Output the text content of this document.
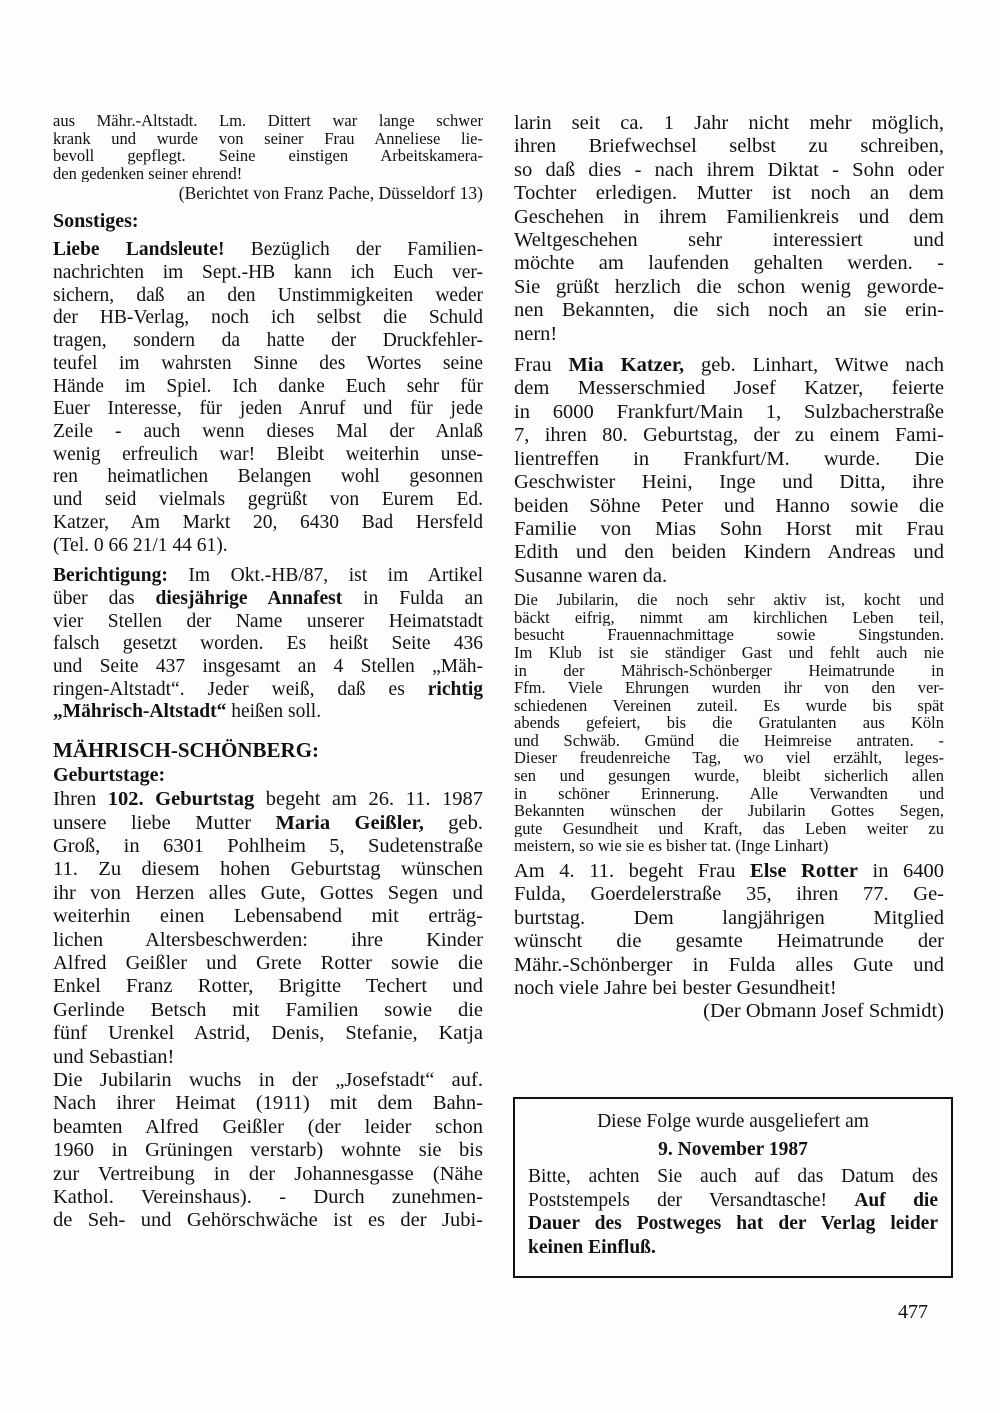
aus Mähr.-Altstadt. Lm. Dittert war lange schwer
krank und wurde von seiner Frau Anneliese lie-
bevoll gepflegt. Seine einstigen Arbeitskamera-
den gedenken seiner ehrend!
(Berichtet von Franz Pache, Düsseldorf 13)
Sonstiges:
Liebe Landsleute! Bezüglich der Familien-
nachrichten im Sept.-HB kann ich Euch ver-
sichern, daß an den Unstimmigkeiten weder
der HB-Verlag, noch ich selbst die Schuld
tragen, sondern da hatte der Druckfehler-
teufel im wahrsten Sinne des Wortes seine
Hände im Spiel. Ich danke Euch sehr für
Euer Interesse, für jeden Anruf und für jede
Zeile - auch wenn dieses Mal der Anlaß
wenig erfreulich war! Bleibt weiterhin unse-
ren heimatlichen Belangen wohl gesonnen
und seid vielmals gegrüßt von Eurem Ed.
Katzer, Am Markt 20, 6430 Bad Hersfeld
(Tel. 0 66 21/1 44 61).
Berichtigung: Im Okt.-HB/87, ist im Artikel
über das diesjährige Annafest in Fulda an
vier Stellen der Name unserer Heimatstadt
falsch gesetzt worden. Es heißt Seite 436
und Seite 437 insgesamt an 4 Stellen „Mäh-
ringen-Altstadt“. Jeder weiß, daß es richtig
„Mährisch-Altstadt“ heißen soll.
MÄHRISCH-SCHÖNBERG:
Geburtstage:
Ihren 102. Geburtstag begeht am 26. 11. 1987
unsere liebe Mutter Maria Geißler, geb.
Groß, in 6301 Pohlheim 5, Sudetenstraße
11. Zu diesem hohen Geburtstag wünschen
ihr von Herzen alles Gute, Gottes Segen und
weiterhin einen Lebensabend mit erträg-
lichen Altersbeschwerden: ihre Kinder
Alfred Geißler und Grete Rotter sowie die
Enkel Franz Rotter, Brigitte Techert und
Gerlinde Betsch mit Familien sowie die
fünf Urenkel Astrid, Denis, Stefanie, Katja
und Sebastian!
Die Jubilarin wuchs in der „Josefstadt“ auf.
Nach ihrer Heimat (1911) mit dem Bahn-
beamten Alfred Geißler (der leider schon
1960 in Grüningen verstarb) wohnte sie bis
zur Vertreibung in der Johannesgasse (Nähe
Kathol. Vereinshaus). - Durch zunehmen-
de Seh- und Gehörschwäche ist es der Jubi-
larin seit ca. 1 Jahr nicht mehr möglich,
ihren Briefwechsel selbst zu schreiben,
so daß dies - nach ihrem Diktat - Sohn oder
Tochter erledigen. Mutter ist noch an dem
Geschehen in ihrem Familienkreis und dem
Weltgeschehen sehr interessiert und
möchte am laufenden gehalten werden. -
Sie grüßt herzlich die schon wenig geworde-
nen Bekannten, die sich noch an sie erin-
nern!
Frau Mia Katzer, geb. Linhart, Witwe nach
dem Messerschmied Josef Katzer, feierte
in 6000 Frankfurt/Main 1, Sulzbacherstraße
7, ihren 80. Geburtstag, der zu einem Fami-
lientreffen in Frankfurt/M. wurde. Die
Geschwister Heini, Inge und Ditta, ihre
beiden Söhne Peter und Hanno sowie die
Familie von Mias Sohn Horst mit Frau
Edith und den beiden Kindern Andreas und
Susanne waren da.
Die Jubilarin, die noch sehr aktiv ist, kocht und
bäckt eifrig, nimmt am kirchlichen Leben teil,
besucht Frauennachmittage sowie Singstunden.
Im Klub ist sie ständiger Gast und fehlt auch nie
in der Mährisch-Schönberger Heimatrunde in
Ffm. Viele Ehrungen wurden ihr von den ver-
schiedenen Vereinen zuteil. Es wurde bis spät
abends gefeiert, bis die Gratulanten aus Köln
und Schwäb. Gmünd die Heimreise antraten. -
Dieser freudenreiche Tag, wo viel erzählt, leges-
sen und gesungen wurde, bleibt sicherlich allen
in schöner Erinnerung. Alle Verwandten und
Bekannten wünschen der Jubilarin Gottes Segen,
gute Gesundheit und Kraft, das Leben weiter zu
meistern, so wie sie es bisher tat. (Inge Linhart)
Am 4. 11. begeht Frau Else Rotter in 6400
Fulda, Goerdelerstraße 35, ihren 77. Ge-
burtstag. Dem langjährigen Mitglied
wünscht die gesamte Heimatrunde der
Mähr.-Schönberger in Fulda alles Gute und
noch viele Jahre bei bester Gesundheit!
(Der Obmann Josef Schmidt)
Diese Folge wurde ausgeliefert am
9. November 1987
Bitte, achten Sie auch auf das Datum des
Poststempels der Versandtasche! Auf die
Dauer des Postweges hat der Verlag leider
keinen Einfluß.
477
